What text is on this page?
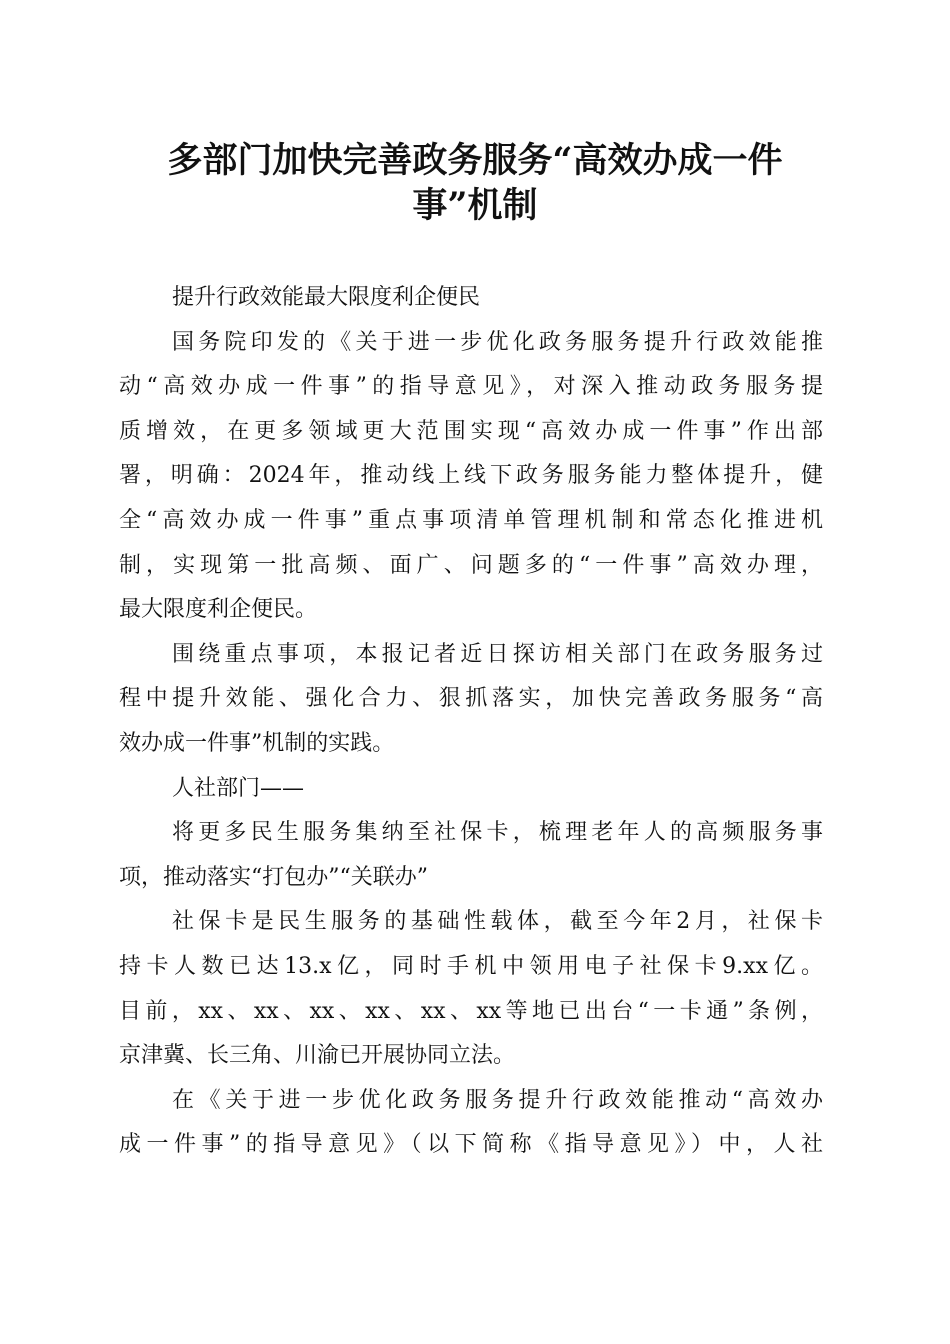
多部门加快完善政务服务“高效办成一件
事”机制
提升行政效能最大限度利企便民
国务院印发的《关于进一步优化政务服务提升行政效能推
动“高效办成一件事”的指导意见》，对深入推动政务服务提
质增效，在更多领域更大范围实现“高效办成一件事”作出部
署，明确：2024年，推动线上线下政务服务能力整体提升，健
全“高效办成一件事”重点事项清单管理机制和常态化推进机
制，实现第一批高频、面广、问题多的“一件事”高效办理，
最大限度利企便民。
围绕重点事项，本报记者近日探访相关部门在政务服务过
程中提升效能、强化合力、狠抓落实，加快完善政务服务“高
效办成一件事”机制的实践。
人社部门——
将更多民生服务集纳至社保卡，梳理老年人的高频服务事
项，推动落实“打包办”“关联办”
社保卡是民生服务的基础性载体，截至今年2月，社保卡
持卡人数已达13.x亿，同时手机中领用电子社保卡9.xx亿。
目前，xx、xx、xx、xx、xx、xx等地已出台“一卡通”条例，
京津冀、长三角、川渝已开展协同立法。
在《关于进一步优化政务服务提升行政效能推动“高效办
成一件事”的指导意见》（以下简称《指导意见》）中，人社
